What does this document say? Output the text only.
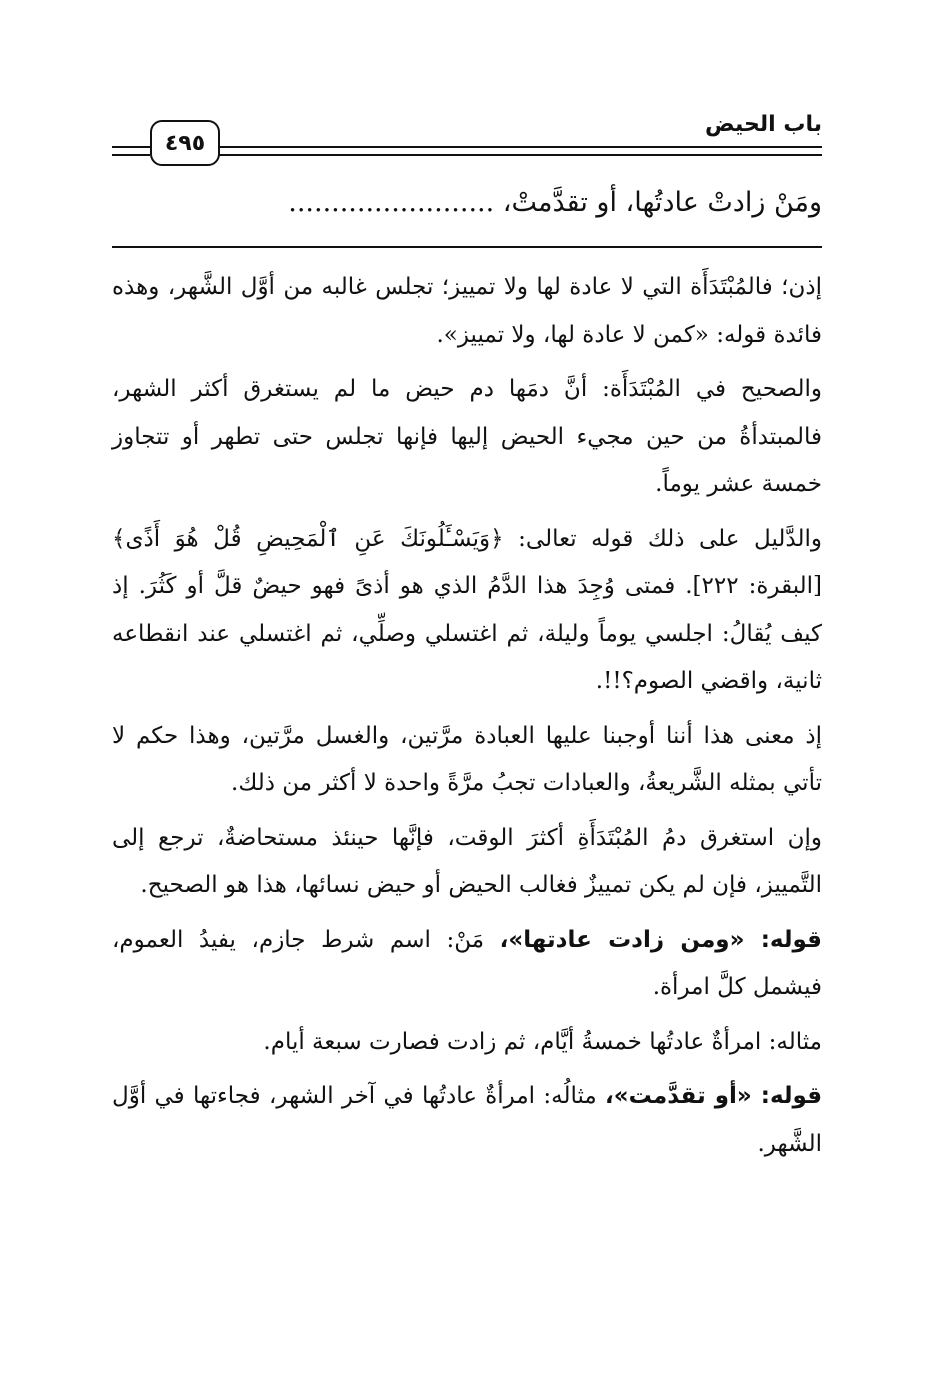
باب الحيض
٤٩٥
ومَنْ زادتْ عادتُها، أو تقدَّمتْ، ........................

إذن؛ فالمُبْتَدَأَة التي لا عادة لها ولا تمييز؛ تجلس غالبه من أوَّل الشَّهر، وهذه فائدة قوله: «كمن لا عادة لها، ولا تمييز».

والصحيح في المُبْتَدَأَة: أنَّ دمَها دم حيض ما لم يستغرق أكثر الشهر، فالمبتدأةُ من حين مجيء الحيض إليها فإنها تجلس حتى تطهر أو تتجاوز خمسة عشر يوماً.

والدَّليل على ذلك قوله تعالى: ﴿وَيَسْـَٔلُونَكَ عَنِ ٱلْمَحِيضِ قُلْ هُوَ أَذًى﴾ [البقرة: ٢٢٢]. فمتى وُجِدَ هذا الدَّمُ الذي هو أذىً فهو حيضٌ قلَّ أو كَثُرَ. إذ كيف يُقالُ: اجلسي يوماً وليلة، ثم اغتسلي وصلِّي، ثم اغتسلي عند انقطاعه ثانية، واقضي الصوم؟!!.

إذ معنى هذا أننا أوجبنا عليها العبادة مرَّتين، والغسل مرَّتين، وهذا حكم لا تأتي بمثله الشَّريعةُ، والعبادات تجبُ مرَّةً واحدة لا أكثر من ذلك.

وإن استغرق دمُ المُبْتَدَأَةِ أكثرَ الوقت، فإنَّها حينئذ مستحاضةٌ، ترجع إلى التَّمييز، فإن لم يكن تمييزٌ فغالب الحيض أو حيض نسائها، هذا هو الصحيح.

قوله: «ومن زادت عادتها»، مَنْ: اسم شرط جازم، يفيدُ العموم، فيشمل كلَّ امرأة.

مثاله: امرأةٌ عادتُها خمسةُ أيَّام، ثم زادت فصارت سبعة أيام.

قوله: «أو تقدَّمت»، مثالُه: امرأةٌ عادتُها في آخر الشهر، فجاءتها في أوَّل الشَّهر.
